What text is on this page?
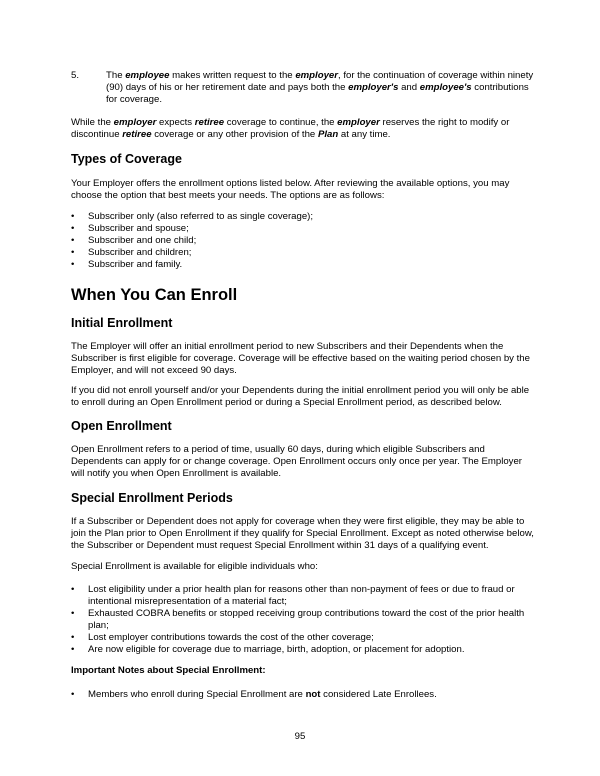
5.	The employee makes written request to the employer, for the continuation of coverage within ninety (90) days of his or her retirement date and pays both the employer's and employee's contributions for coverage.
While the employer expects retiree coverage to continue, the employer reserves the right to modify or discontinue retiree coverage or any other provision of the Plan at any time.
Types of Coverage
Your Employer offers the enrollment options listed below. After reviewing the available options, you may choose the option that best meets your needs. The options are as follows:
• Subscriber only (also referred to as single coverage);
• Subscriber and spouse;
• Subscriber and one child;
• Subscriber and children;
• Subscriber and family.
When You Can Enroll
Initial Enrollment
The Employer will offer an initial enrollment period to new Subscribers and their Dependents when the Subscriber is first eligible for coverage. Coverage will be effective based on the waiting period chosen by the Employer, and will not exceed 90 days.
If you did not enroll yourself and/or your Dependents during the initial enrollment period you will only be able to enroll during an Open Enrollment period or during a Special Enrollment period, as described below.
Open Enrollment
Open Enrollment refers to a period of time, usually 60 days, during which eligible Subscribers and Dependents can apply for or change coverage. Open Enrollment occurs only once per year. The Employer will notify you when Open Enrollment is available.
Special Enrollment Periods
If a Subscriber or Dependent does not apply for coverage when they were first eligible, they may be able to join the Plan prior to Open Enrollment if they qualify for Special Enrollment. Except as noted otherwise below, the Subscriber or Dependent must request Special Enrollment within 31 days of a qualifying event.
Special Enrollment is available for eligible individuals who:
• Lost eligibility under a prior health plan for reasons other than non-payment of fees or due to fraud or intentional misrepresentation of a material fact;
• Exhausted COBRA benefits or stopped receiving group contributions toward the cost of the prior health plan;
• Lost employer contributions towards the cost of the other coverage;
• Are now eligible for coverage due to marriage, birth, adoption, or placement for adoption.
Important Notes about Special Enrollment:
• Members who enroll during Special Enrollment are not considered Late Enrollees.
95
